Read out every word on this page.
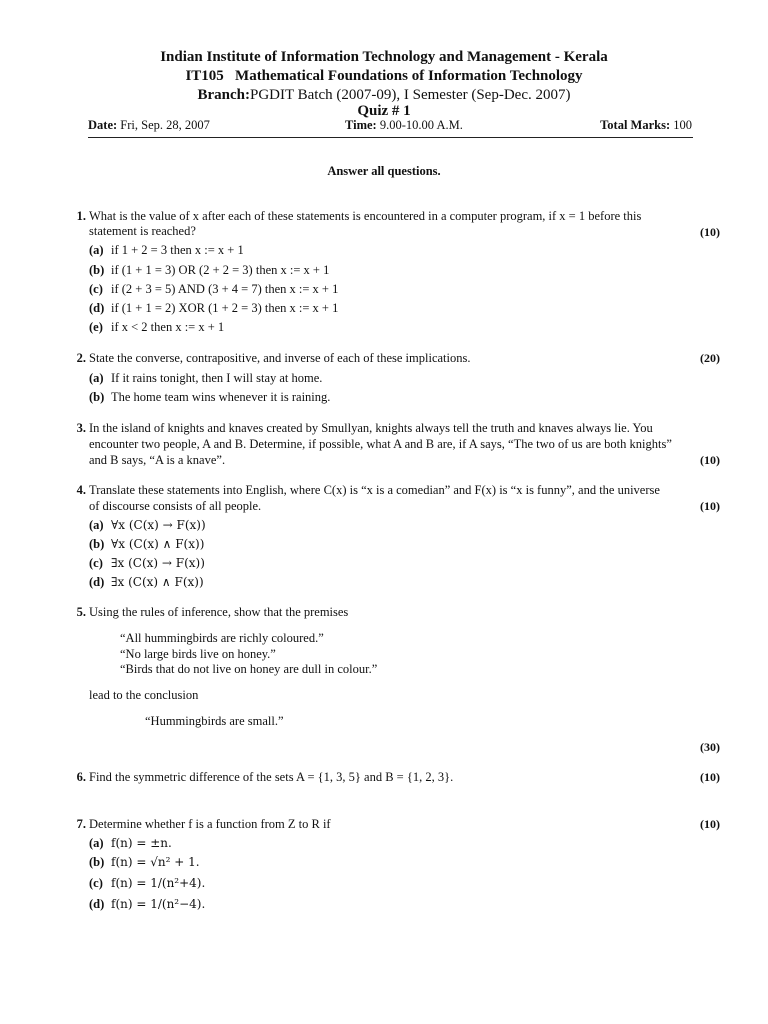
Indian Institute of Information Technology and Management - Kerala
IT105 Mathematical Foundations of Information Technology
Branch:PGDIT Batch (2007-09), I Semester (Sep-Dec. 2007)
Quiz # 1
Date: Fri, Sep. 28, 2007	Time: 9.00-10.00 A.M.	Total Marks: 100
Answer all questions.
1. What is the value of x after each of these statements is encountered in a computer program, if x = 1 before this
statement is reached?	(10)
(a) if 1 + 2 = 3 then x := x + 1
(b) if (1 + 1 = 3) OR (2 + 2 = 3) then x := x + 1
(c) if (2 + 3 = 5) AND (3 + 4 = 7) then x := x + 1
(d) if (1 + 1 = 2) XOR (1 + 2 = 3) then x := x + 1
(e) if x < 2 then x := x + 1
2. State the converse, contrapositive, and inverse of each of these implications.	(20)
(a) If it rains tonight, then I will stay at home.
(b) The home team wins whenever it is raining.
3. In the island of knights and knaves created by Smullyan, knights always tell the truth and knaves always lie. You
encounter two people, A and B. Determine, if possible, what A and B are, if A says, “The two of us are both knights”
and B says, “A is a knave”.	(10)
4. Translate these statements into English, where C(x) is “x is a comedian” and F(x) is “x is funny”, and the universe
of discourse consists of all people.	(10)
(a) ∀x (C(x) → F(x))
(b) ∀x (C(x) ∧ F(x))
(c) ∃x (C(x) → F(x))
(d) ∃x (C(x) ∧ F(x))
5. Using the rules of inference, show that the premises
“All hummingbirds are richly coloured.”
“No large birds live on honey.”
“Birds that do not live on honey are dull in colour.”
lead to the conclusion
“Hummingbirds are small.”
(30)
6. Find the symmetric difference of the sets A = {1, 3, 5} and B = {1, 2, 3}.	(10)
7. Determine whether f is a function from Z to R if	(10)
(a) f(n) = ±n.
(b) f(n) = √n² + 1.
(c) f(n) = 1/(n²+4).
(d) f(n) = 1/(n²−4).
